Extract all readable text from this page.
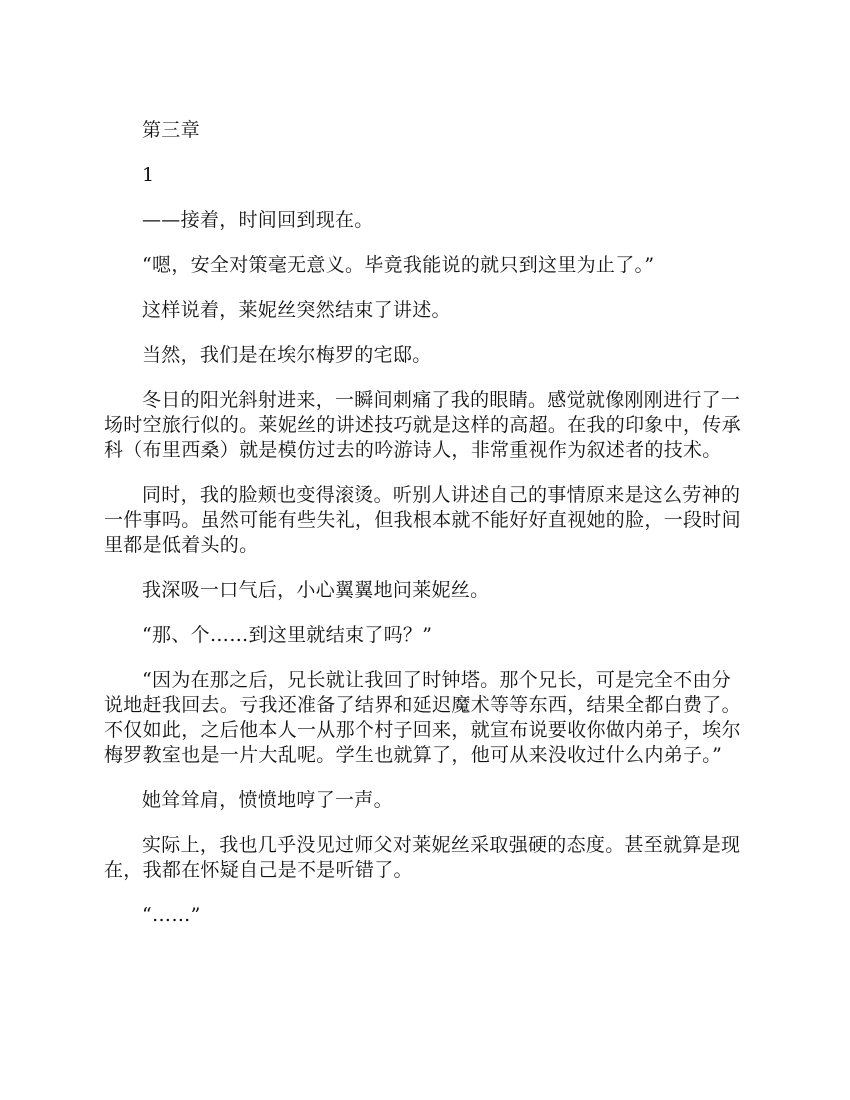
第三章
1
——接着，时间回到现在。
“嗯，安全对策毫无意义。毕竟我能说的就只到这里为止了。”
这样说着，莱妮丝突然结束了讲述。
当然，我们是在埃尔梅罗的宅邸。
冬日的阳光斜射进来，一瞬间刺痛了我的眼睛。感觉就像刚刚进行了一场时空旅行似的。莱妮丝的讲述技巧就是这样的高超。在我的印象中，传承科（布里西桑）就是模仿过去的吟游诗人，非常重视作为叙述者的技术。
同时，我的脸颊也变得滚烫。听别人讲述自己的事情原来是这么劳神的一件事吗。虽然可能有些失礼，但我根本就不能好好直视她的脸，一段时间里都是低着头的。
我深吸一口气后，小心翼翼地问莱妮丝。
“那、个……到这里就结束了吗？”
“因为在那之后，兄长就让我回了时钟塔。那个兄长，可是完全不由分说地赶我回去。亏我还准备了结界和延迟魔术等等东西，结果全都白费了。不仅如此，之后他本人一从那个村子回来，就宣布说要收你做内弟子，埃尔梅罗教室也是一片大乱呢。学生也就算了，他可从来没收过什么内弟子。”
她耸耸肩，愤愤地哼了一声。
实际上，我也几乎没见过师父对莱妮丝采取强硬的态度。甚至就算是现在，我都在怀疑自己是不是听错了。
“……”
